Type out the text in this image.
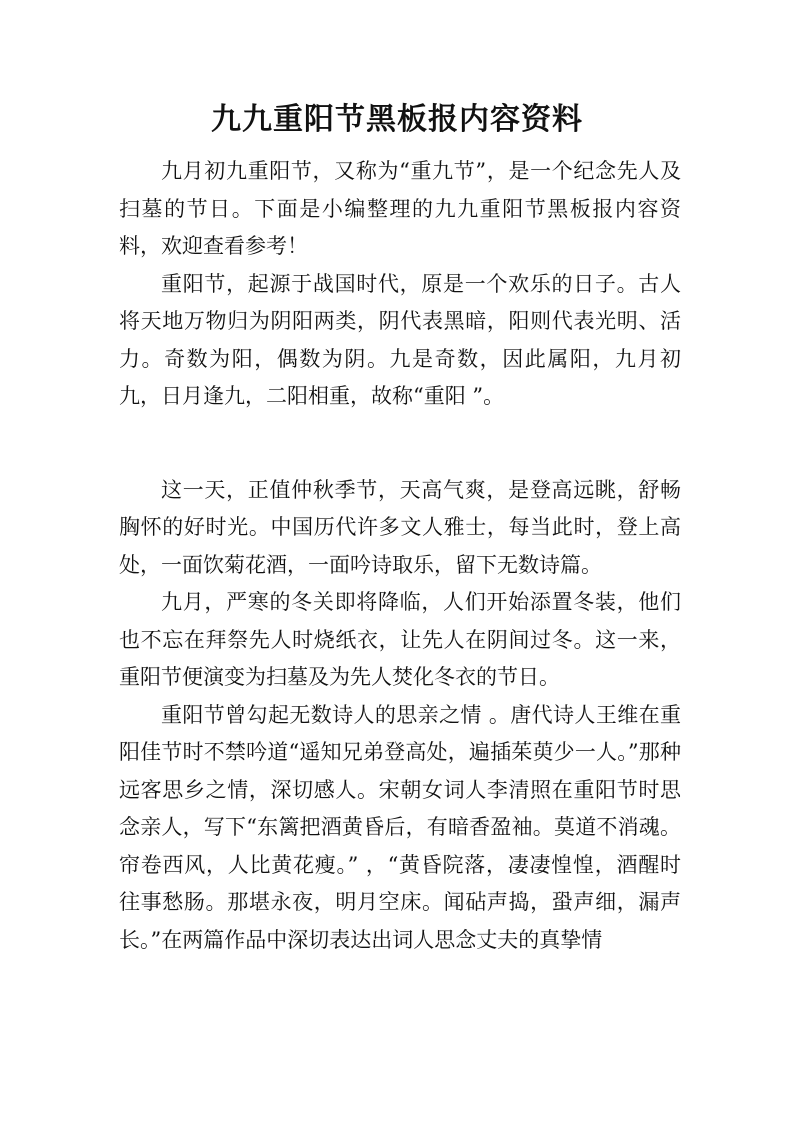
九九重阳节黑板报内容资料

九月初九重阳节，又称为“重九节”，是一个纪念先人及扫墓的节日。下面是小编整理的九九重阳节黑板报内容资料，欢迎查看参考！

重阳节，起源于战国时代，原是一个欢乐的日子。古人将天地万物归为阴阳两类，阴代表黑暗，阳则代表光明、活力。奇数为阳，偶数为阴。九是奇数，因此属阳，九月初九，日月逢九，二阳相重，故称“重阳 ”。

这一天，正值仲秋季节，天高气爽，是登高远眺，舒畅胸怀的好时光。中国历代许多文人雅士，每当此时，登上高处，一面饮菊花酒，一面吟诗取乐，留下无数诗篇。

九月，严寒的冬关即将降临，人们开始添置冬装，他们也不忘在拜祭先人时烧纸衣，让先人在阴间过冬。这一来，重阳节便演变为扫墓及为先人焚化冬衣的节日。

重阳节曾勾起无数诗人的思亲之情 。唐代诗人王维在重阳佳节时不禁吟道“遥知兄弟登高处，遍插茱萸少一人。”那种远客思乡之情，深切感人。宋朝女词人李清照在重阳节时思念亲人，写下“东篱把酒黄昏后，有暗香盈袖。莫道不消魂。帘卷西风，人比黄花瘦。” ，“黄昏院落，凄凄惶惶，酒醒时往事愁肠。那堪永夜，明月空床。闻砧声捣，蛩声细，漏声长。”在两篇作品中深切表达出词人思念丈夫的真挚情
